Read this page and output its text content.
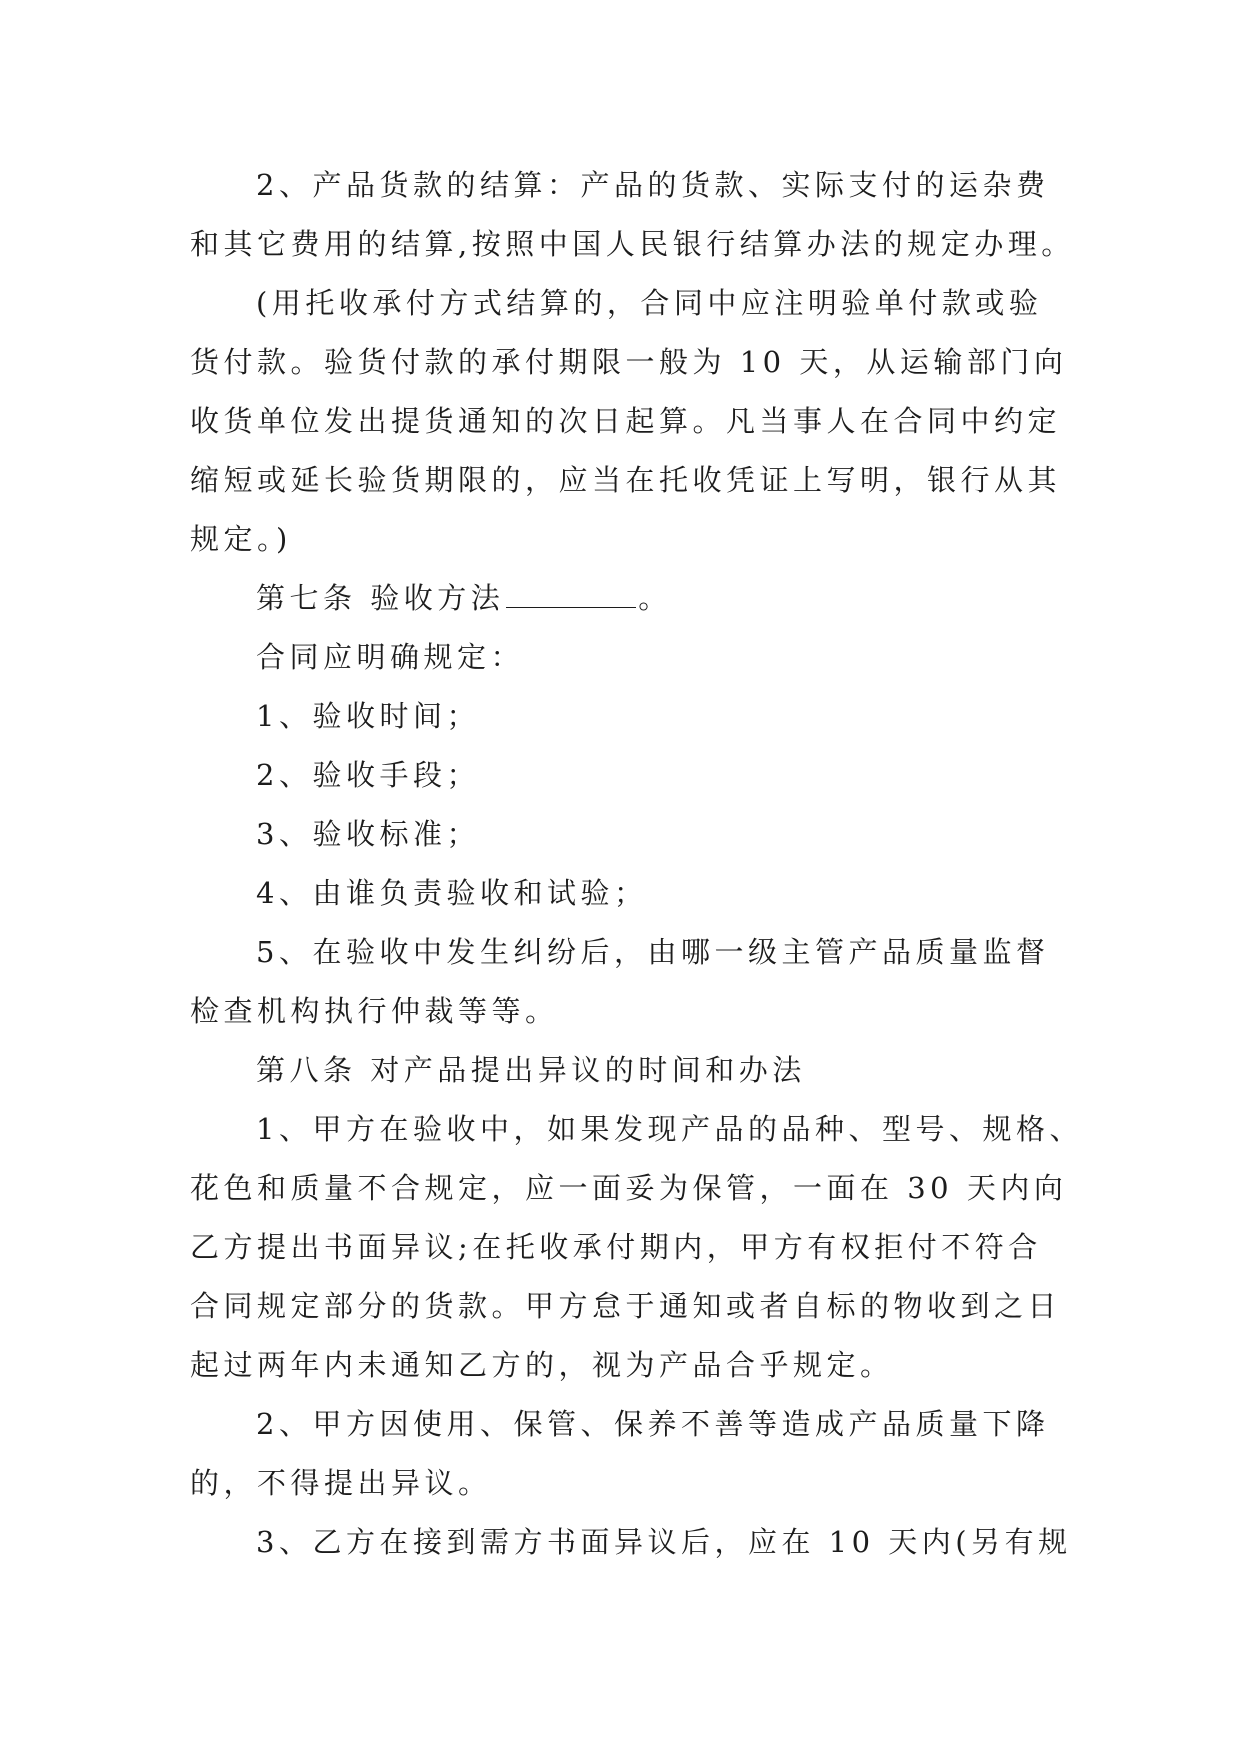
2、产品货款的结算：产品的货款、实际支付的运杂费
和其它费用的结算,按照中国人民银行结算办法的规定办理。

(用托收承付方式结算的，合同中应注明验单付款或验
货付款。验货付款的承付期限一般为 10 天，从运输部门向
收货单位发出提货通知的次日起算。凡当事人在合同中约定
缩短或延长验货期限的，应当在托收凭证上写明，银行从其
规定。)

第七条 验收方法	。

合同应明确规定：

1、验收时间；

2、验收手段；

3、验收标准；

4、由谁负责验收和试验；

5、在验收中发生纠纷后，由哪一级主管产品质量监督
检查机构执行仲裁等等。

第八条 对产品提出异议的时间和办法

1、甲方在验收中，如果发现产品的品种、型号、规格、
花色和质量不合规定，应一面妥为保管，一面在 30 天内向
乙方提出书面异议;在托收承付期内，甲方有权拒付不符合
合同规定部分的货款。甲方怠于通知或者自标的物收到之日
起过两年内未通知乙方的，视为产品合乎规定。

2、甲方因使用、保管、保养不善等造成产品质量下降
的，不得提出异议。

3、乙方在接到需方书面异议后，应在 10 天内(另有规
